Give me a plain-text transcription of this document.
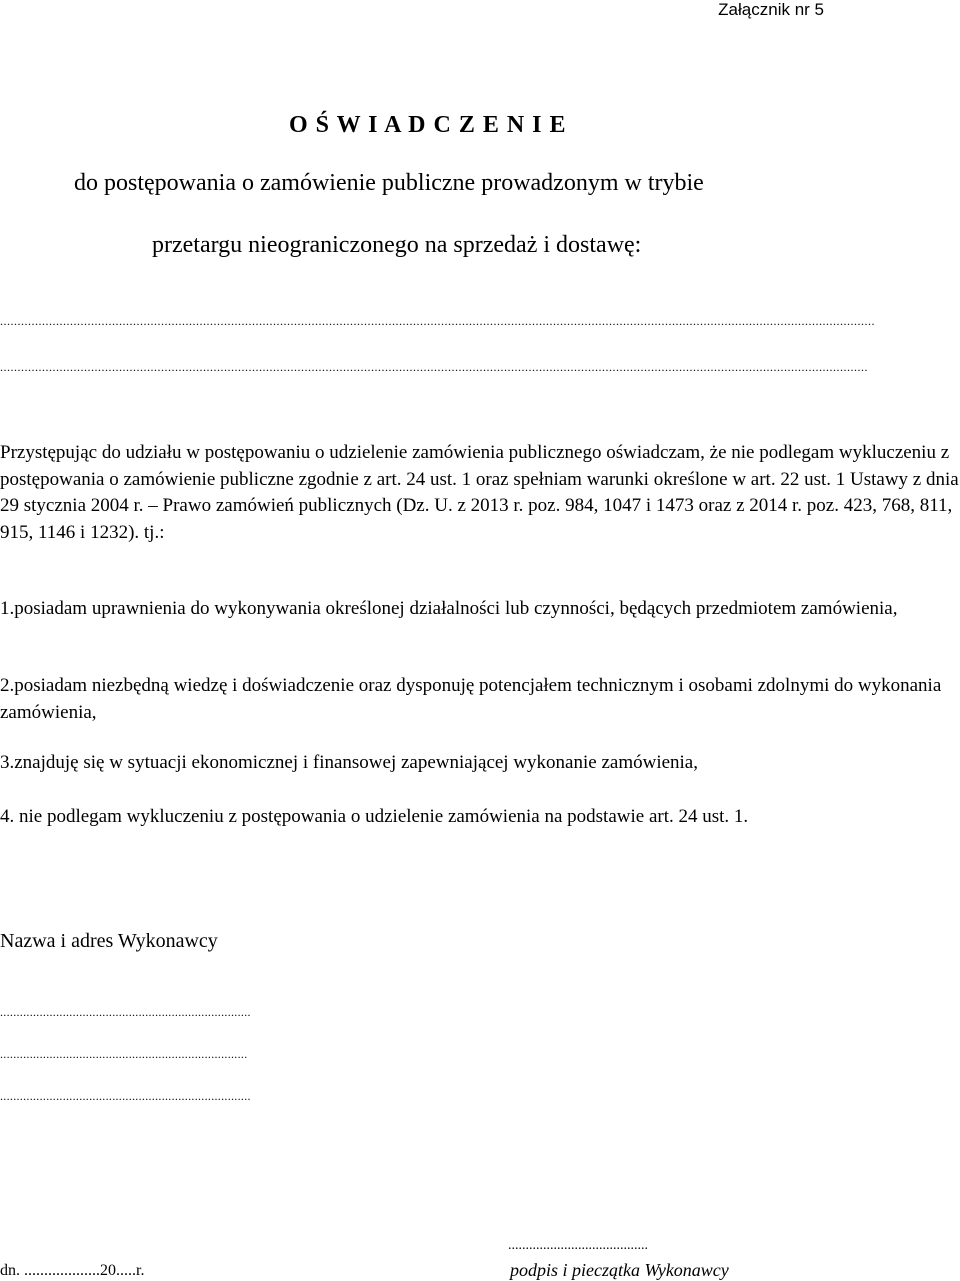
Załącznik nr 5

O Ś W I A D C Z E N I E

do postępowania o zamówienie publiczne prowadzonym w trybie

przetargu nieograniczonego na sprzedaż i dostawę:

..........................................................................................................................................................................................................................................................

........................................................................................................................................................................................................................................................

Przystępując do udziału w postępowaniu o udzielenie zamówienia publicznego oświadczam, że nie podlegam wykluczeniu z postępowania o zamówienie publiczne zgodnie z art. 24 ust. 1 oraz spełniam warunki określone w art. 22 ust. 1 Ustawy z dnia 29 stycznia 2004 r. – Prawo zamówień publicznych (Dz. U. z 2013 r. poz. 984, 1047 i 1473 oraz z 2014 r. poz. 423, 768, 811, 915, 1146 i 1232). tj.:

1.posiadam uprawnienia do wykonywania określonej działalności lub czynności, będących przedmiotem zamówienia,

2.posiadam niezbędną wiedzę i doświadczenie oraz dysponuję potencjałem technicznym i osobami zdolnymi do wykonania zamówienia,

3.znajduję się w sytuacji ekonomicznej i finansowej zapewniającej wykonanie zamówienia,

4. nie podlegam wykluczeniu z postępowania o udzielenie zamówienia na podstawie art. 24 ust. 1.

Nazwa i adres Wykonawcy

............................................................................

...........................................................................

............................................................................

dn. ...................20.....r.

........................................

podpis i pieczątka Wykonawcy
